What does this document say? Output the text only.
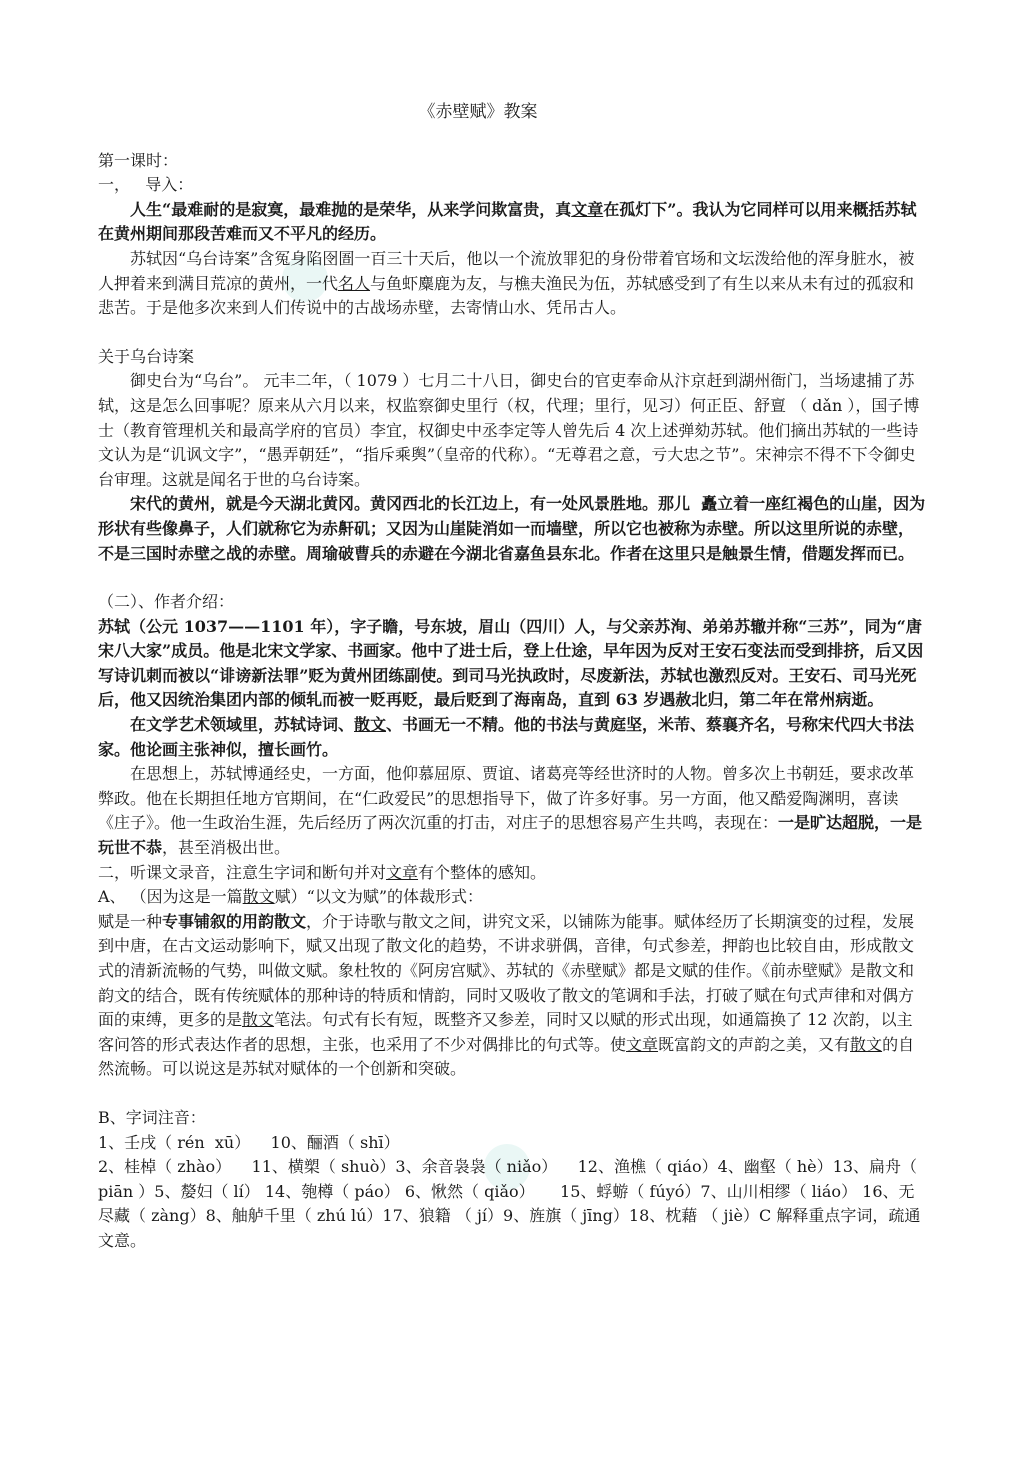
《赤壁赋》教案

第一课时：

一，   导入：

人生“最难耐的是寂寞，最难抛的是荣华，从来学问欺富贵，真文章在孤灯下”。我认为它同样可以用来概括苏轼在黄州期间那段苦难而又不平凡的经历。

苏轼因“乌台诗案”含冤身陷囹圄一百三十天后，他以一个流放罪犯的身份带着官场和文坛泼给他的浑身脏水，被人押着来到满目荒凉的黄州，一代名人与鱼虾麋鹿为友，与樵夫渔民为伍，苏轼感受到了有生以来从未有过的孤寂和悲苦。于是他多次来到人们传说中的古战场赤壁，去寄情山水、凭吊古人。

关于乌台诗案

御史台为“乌台”。 元丰二年，（ 1079 ）七月二十八日，御史台的官吏奉命从汴京赶到湖州衙门，当场逮捕了苏轼，这是怎么回事呢？原来从六月以来，权监察御史里行（权，代理；里行，见习）何正臣、舒亶 （ dǎn ），国子博士（教育管理机关和最高学府的官员）李宜，权御史中丞李定等人曾先后 4 次上述弹劾苏轼。他们摘出苏轼的一些诗文认为是“讥讽文字”，“愚弄朝廷”，“指斥乘舆”（皇帝的代称）。“无尊君之意，亏大忠之节”。宋神宗不得不下令御史台审理。这就是闻名于世的乌台诗案。

宋代的黄州，就是今天湖北黄冈。黄冈西北的长江边上，有一处风景胜地。那儿  矗立着一座红褐色的山崖，因为形状有些像鼻子，人们就称它为赤鼾矶；又因为山崖陡消如一而墙壁，所以它也被称为赤壁。所以这里所说的赤壁，不是三国时赤壁之战的赤壁。周瑜破曹兵的赤避在今湖北省嘉鱼县东北。作者在这里只是触景生情，借题发挥而已。

（二）、作者介绍：

苏轼（公元 1037——1101 年），字子瞻，号东坡，眉山（四川）人，与父亲苏洵、弟弟苏辙并称“三苏”，同为“唐宋八大家”成员。他是北宋文学家、书画家。他中了进士后，登上仕途，早年因为反对王安石变法而受到排挤，后又因写诗讥刺而被以“诽谤新法罪”贬为黄州团练副使。到司马光执政时，尽废新法，苏轼也激烈反对。王安石、司马光死后，他又因统治集团内部的倾轧而被一贬再贬，最后贬到了海南岛，直到 63 岁遇赦北归，第二年在常州病逝。

在文学艺术领域里，苏轼诗词、散文、书画无一不精。他的书法与黄庭坚，米芾、蔡襄齐名，号称宋代四大书法家。他论画主张神似，擅长画竹。

在思想上，苏轼博通经史，一方面，他仰慕屈原、贾谊、诸葛亮等经世济时的人物。曾多次上书朝廷，要求改革弊政。他在长期担任地方官期间，在“仁政爱民”的思想指导下，做了许多好事。另一方面，他又酷爱陶渊明，喜读《庄子》。他一生政治生涯，先后经历了两次沉重的打击，对庄子的思想容易产生共鸣，表现在：一是旷达超脱，一是玩世不恭，甚至消极出世。

二，听课文录音，注意生字词和断句并对文章有个整体的感知。

A、 （因为这是一篇散文赋）“以文为赋”的体裁形式：

赋是一种专事铺叙的用韵散文，介于诗歌与散文之间，讲究文采，以铺陈为能事。赋体经历了长期演变的过程，发展到中唐，在古文运动影响下，赋又出现了散文化的趋势，不讲求骈偶，音律，句式参差，押韵也比较自由，形成散文式的清新流畅的气势，叫做文赋。象杜牧的《阿房宫赋》、苏轼的《赤壁赋》都是文赋的佳作。《前赤壁赋》是散文和韵文的结合，既有传统赋体的那种诗的特质和情韵，同时又吸收了散文的笔调和手法，打破了赋在句式声律和对偶方面的束缚，更多的是散文笔法。句式有长有短，既整齐又参差，同时又以赋的形式出现，如通篇换了 12 次韵，以主客问答的形式表达作者的思想，主张，也采用了不少对偶排比的句式等。使文章既富韵文的声韵之美，又有散文的自然流畅。可以说这是苏轼对赋体的一个创新和突破。

B、字词注音：

1、壬戌（ rén  xū）    10、酾酒（ shī）

2、桂棹（ zhào）    11、横槊（ shuò）3、余音袅袅（ niǎo）    12、渔樵（ qiáo）4、幽壑（ hè）13、扁舟（ piān ）5、嫠妇（ lí） 14、匏樽（ páo） 6、愀然（ qiǎo）     15、蜉蝣（ fúyó）7、山川相缪（ liáo） 16、无尽藏（ zàng）8、舳舻千里（ zhú lú）17、狼籍 （ jí）9、旌旗（ jīng）18、枕藉 （ jiè）C 解释重点字词，疏通文意。
